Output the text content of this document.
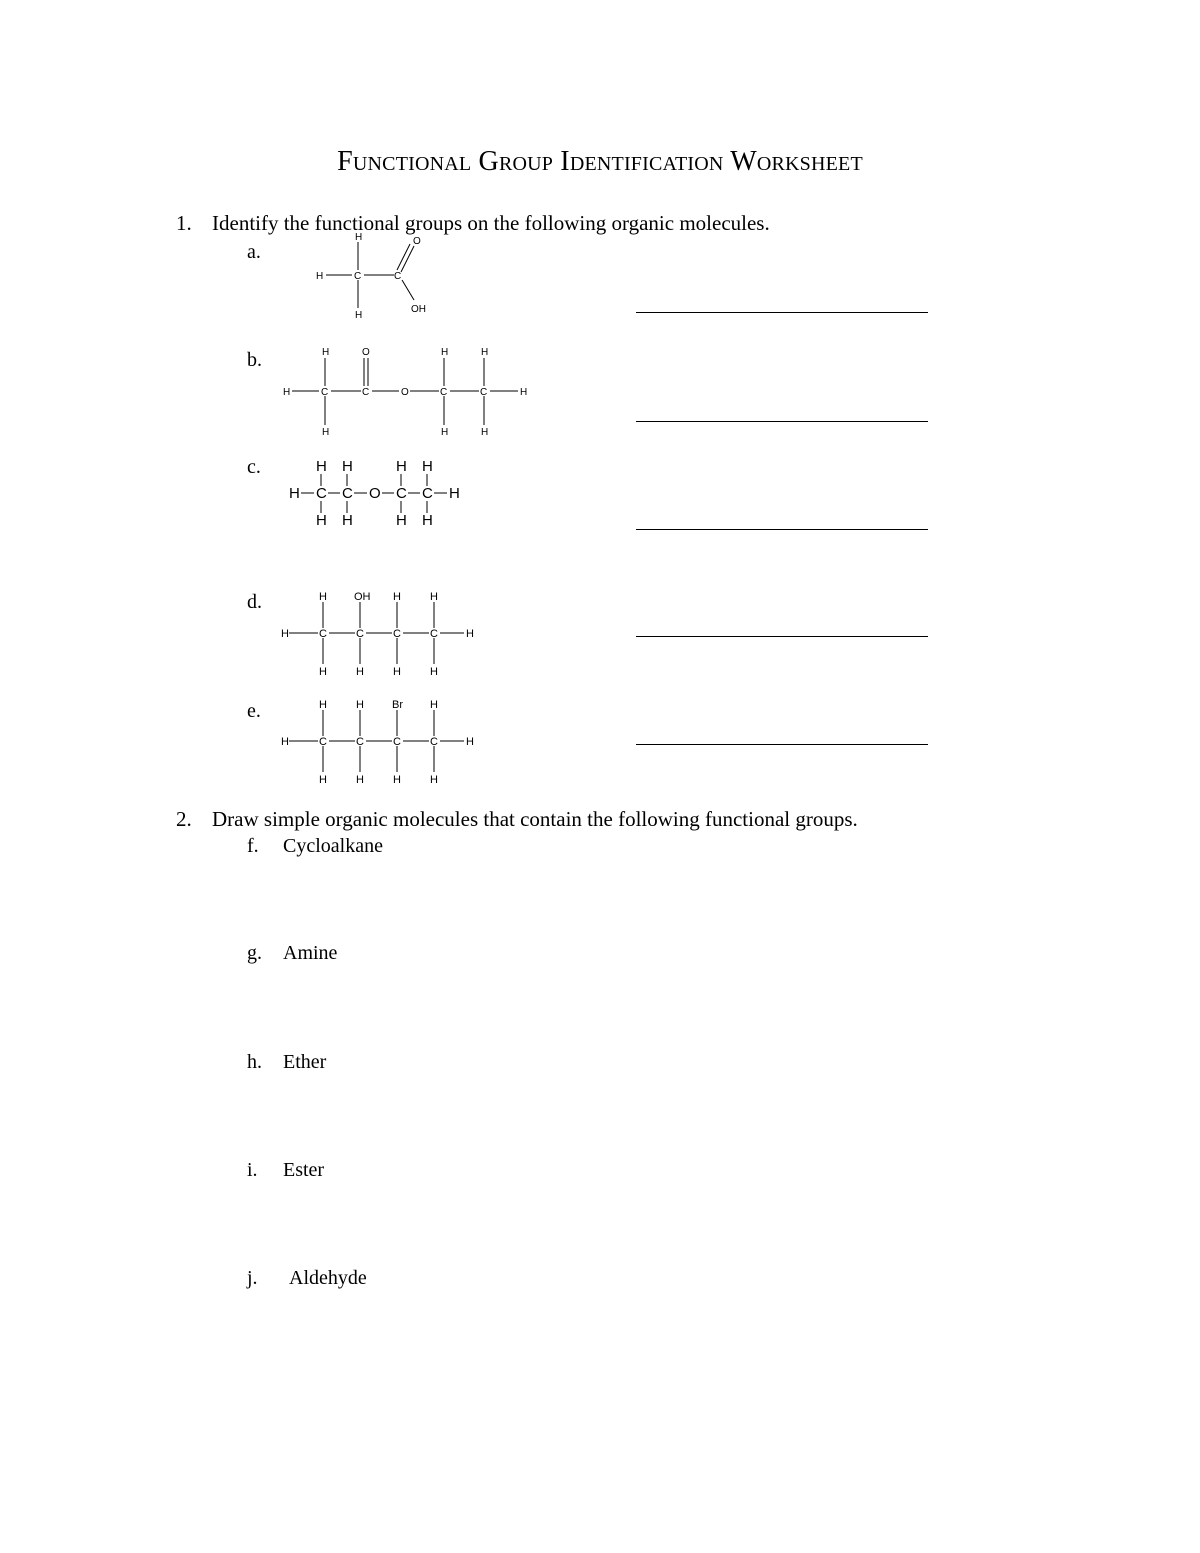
Functional Group Identification Worksheet
1. Identify the functional groups on the following organic molecules.
a.
H
C
H
H
C
O
OH
b.	H
H	C
H
O
C	O
H
C
H
H
C
H
H
c.	H H	H H
H C C O C C H
H H	H H
d.	H OH H	H
H	C	C	C	C	H
H	H	H	H
e.	H	H	Br H
H	C	C	C	C	H
H	H	H	H
2. Draw simple organic molecules that contain the following functional groups.
f. Cycloalkane
g. Amine
h. Ether
i. Ester
j. Aldehyde
